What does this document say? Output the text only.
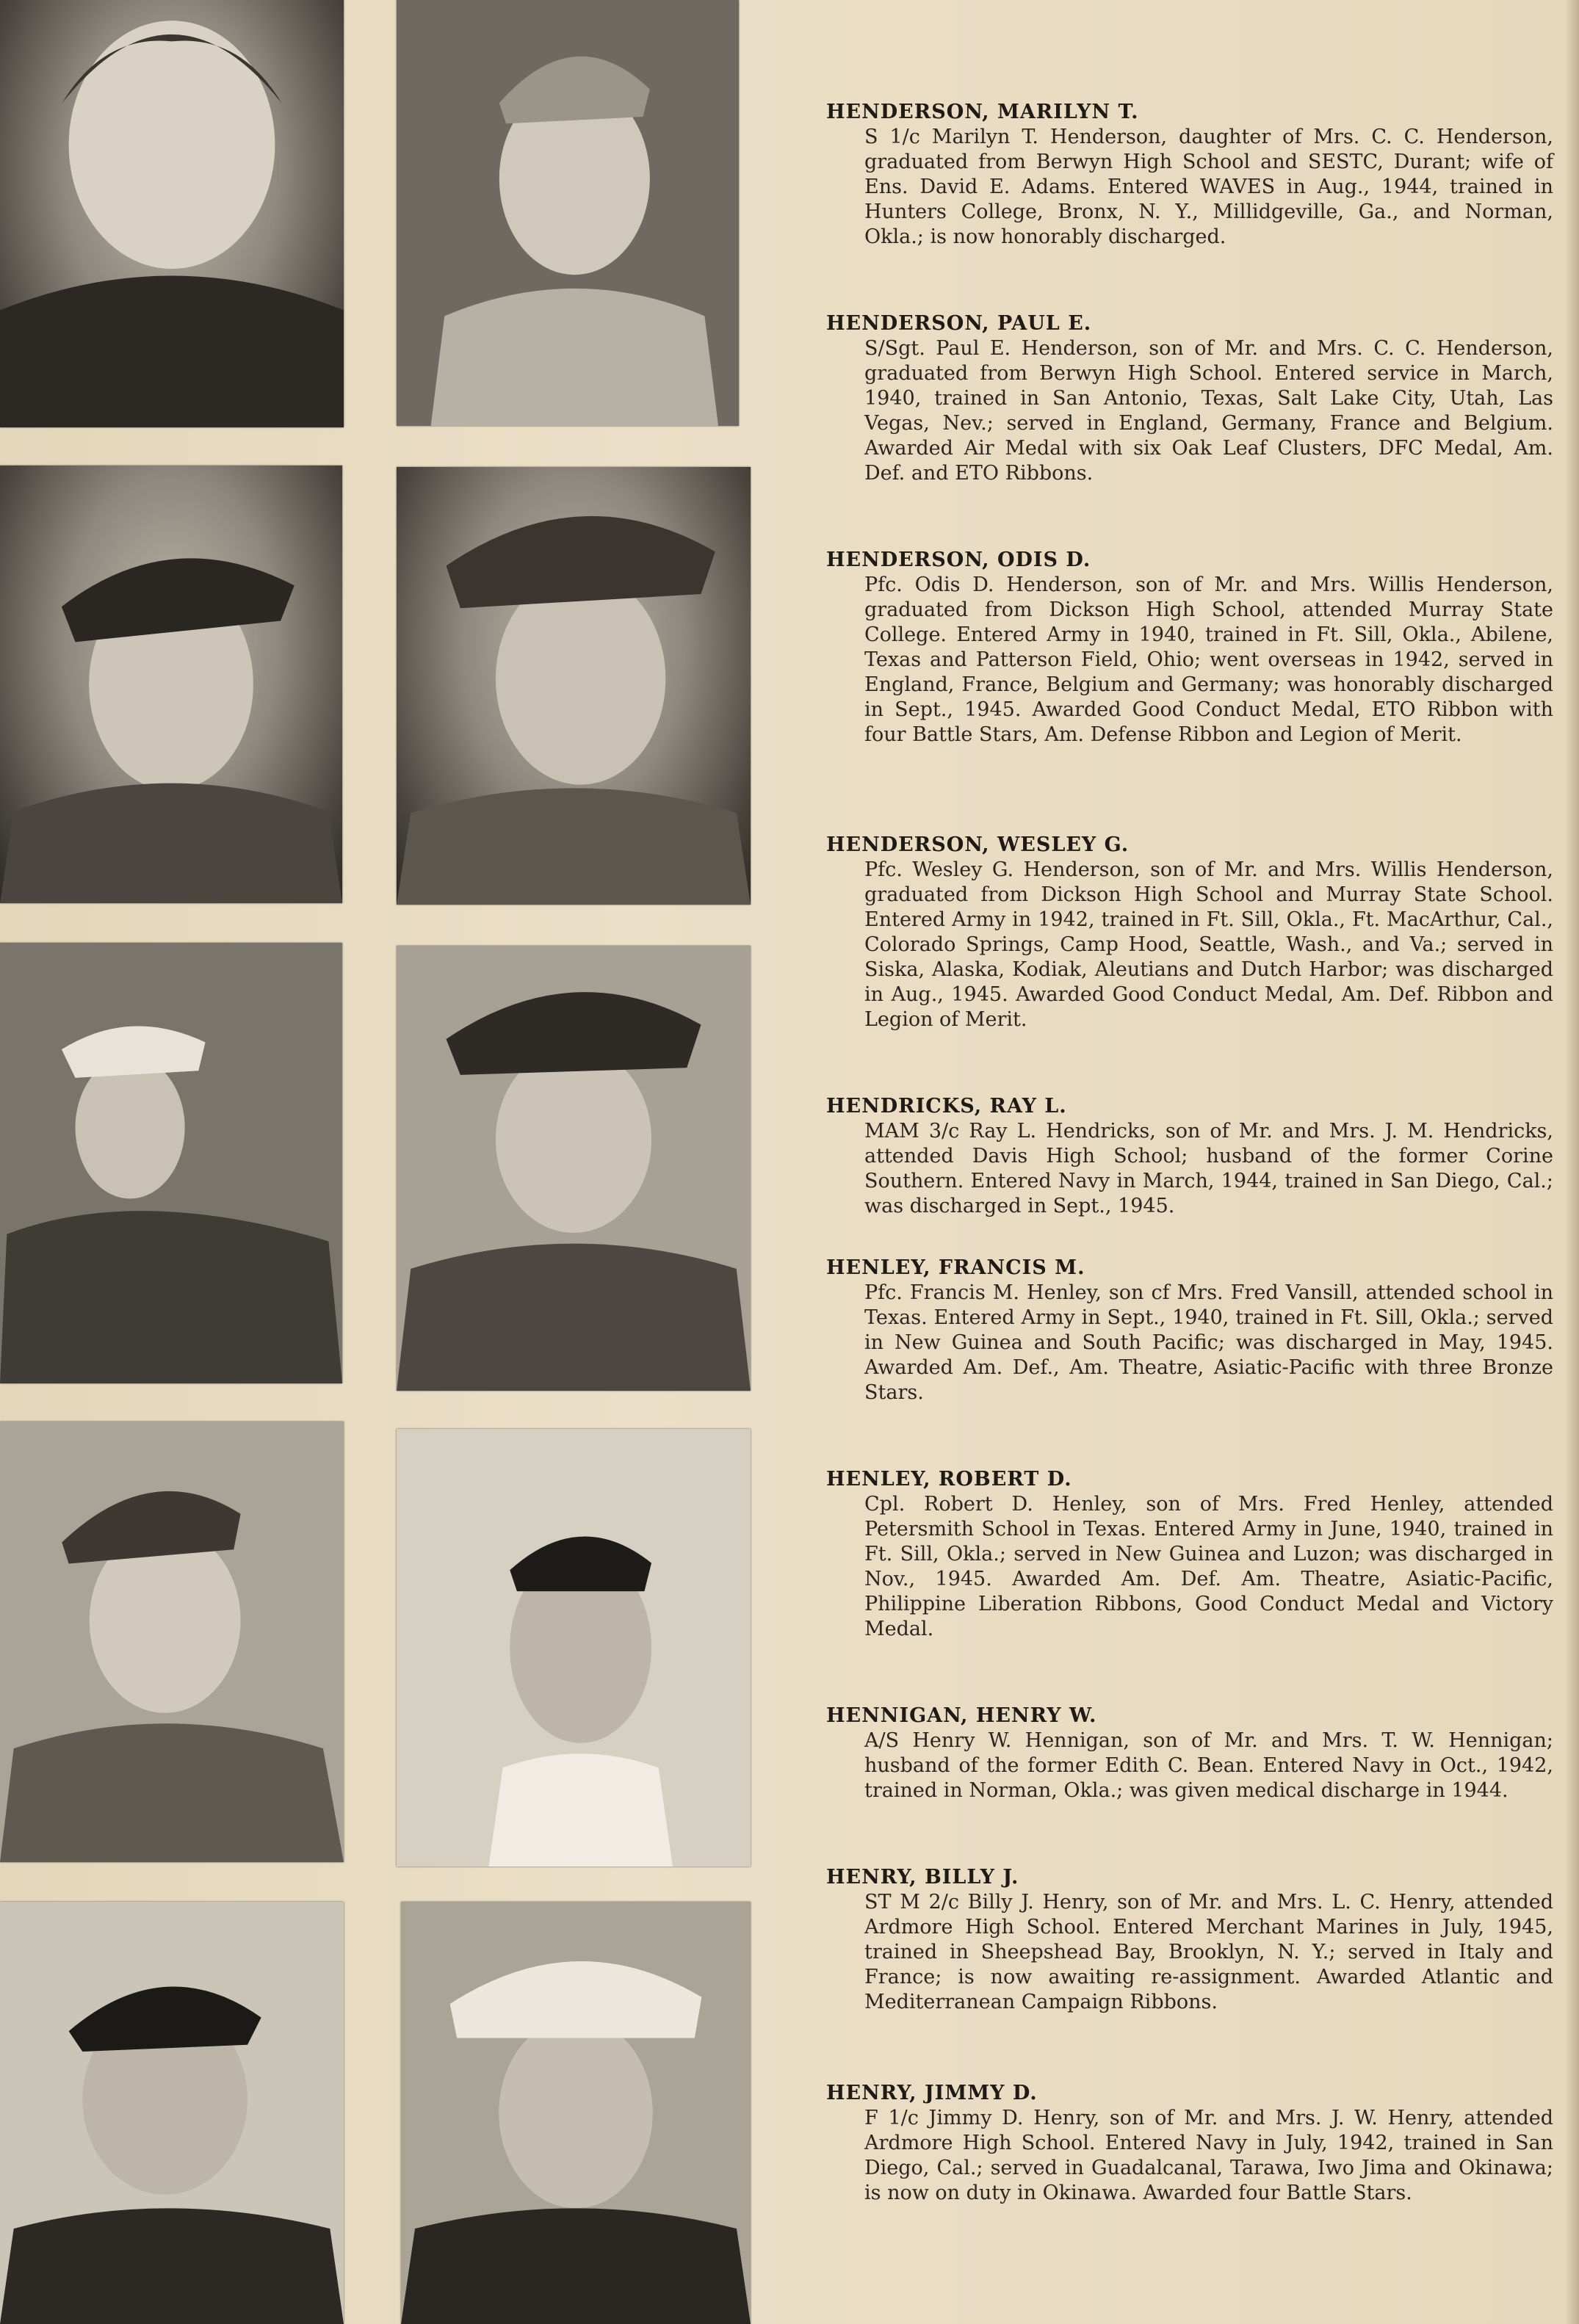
HENDERSON, MARILYN T.

S 1/c Marilyn T. Henderson, daughter of Mrs. C. C. Henderson, graduated from Berwyn High School and SESTC, Durant; wife of Ens. David E. Adams. Entered WAVES in Aug., 1944, trained in Hunters College, Bronx, N. Y., Millidgeville, Ga., and Norman, Okla.; is now honorably discharged.

HENDERSON, PAUL E.

S/Sgt. Paul E. Henderson, son of Mr. and Mrs. C. C. Henderson, graduated from Berwyn High School. Entered service in March, 1940, trained in San Antonio, Texas, Salt Lake City, Utah, Las Vegas, Nev.; served in England, Germany, France and Belgium. Awarded Air Medal with six Oak Leaf Clusters, DFC Medal, Am. Def. and ETO Ribbons.

HENDERSON, ODIS D.

Pfc. Odis D. Henderson, son of Mr. and Mrs. Willis Henderson, graduated from Dickson High School, attended Murray State College. Entered Army in 1940, trained in Ft. Sill, Okla., Abilene, Texas and Patterson Field, Ohio; went overseas in 1942, served in England, France, Belgium and Germany; was honorably discharged in Sept., 1945. Awarded Good Conduct Medal, ETO Ribbon with four Battle Stars, Am. Defense Ribbon and Legion of Merit.

HENDERSON, WESLEY G.

Pfc. Wesley G. Henderson, son of Mr. and Mrs. Willis Henderson, graduated from Dickson High School and Murray State School. Entered Army in 1942, trained in Ft. Sill, Okla., Ft. MacArthur, Cal., Colorado Springs, Camp Hood, Seattle, Wash., and Va.; served in Siska, Alaska, Kodiak, Aleutians and Dutch Harbor; was discharged in Aug., 1945. Awarded Good Conduct Medal, Am. Def. Ribbon and Legion of Merit.

HENDRICKS, RAY L.

MAM 3/c Ray L. Hendricks, son of Mr. and Mrs. J. M. Hendricks, attended Davis High School; husband of the former Corine Southern. Entered Navy in March, 1944, trained in San Diego, Cal.; was discharged in Sept., 1945.

HENLEY, FRANCIS M.

Pfc. Francis M. Henley, son cf Mrs. Fred Vansill, attended school in Texas. Entered Army in Sept., 1940, trained in Ft. Sill, Okla.; served in New Guinea and South Pacific; was discharged in May, 1945. Awarded Am. Def., Am. Theatre, Asiatic-Pacific with three Bronze Stars.

HENLEY, ROBERT D.

Cpl. Robert D. Henley, son of Mrs. Fred Henley, attended Petersmith School in Texas. Entered Army in June, 1940, trained in Ft. Sill, Okla.; served in New Guinea and Luzon; was discharged in Nov., 1945. Awarded Am. Def. Am. Theatre, Asiatic-Pacific, Philippine Liberation Ribbons, Good Conduct Medal and Victory Medal.

HENNIGAN, HENRY W.

A/S Henry W. Hennigan, son of Mr. and Mrs. T. W. Hennigan; husband of the former Edith C. Bean. Entered Navy in Oct., 1942, trained in Norman, Okla.; was given medical discharge in 1944.

HENRY, BILLY J.

ST M 2/c Billy J. Henry, son of Mr. and Mrs. L. C. Henry, attended Ardmore High School. Entered Merchant Marines in July, 1945, trained in Sheepshead Bay, Brooklyn, N. Y.; served in Italy and France; is now awaiting re-assignment. Awarded Atlantic and Mediterranean Campaign Ribbons.

HENRY, JIMMY D.

F 1/c Jimmy D. Henry, son of Mr. and Mrs. J. W. Henry, attended Ardmore High School. Entered Navy in July, 1942, trained in San Diego, Cal.; served in Guadalcanal, Tarawa, Iwo Jima and Okinawa; is now on duty in Okinawa. Awarded four Battle Stars.
